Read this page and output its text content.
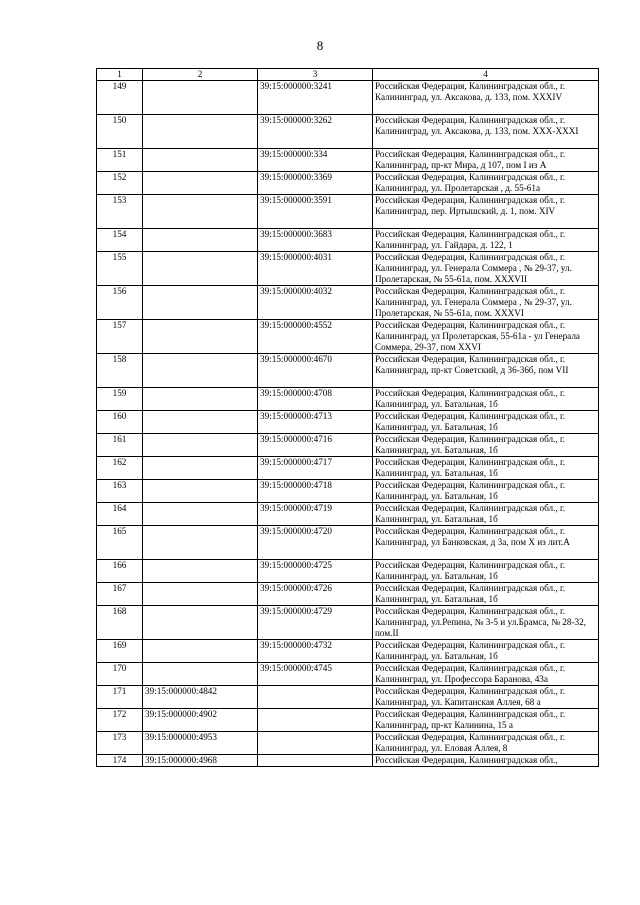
8
1	2	3	4
149		39:15:000000:3241	Российская Федерация, Калининградская обл., г. Калининград, ул. Аксакова, д. 133, пом. XXXIV
150		39:15:000000:3262	Российская Федерация, Калининградская обл., г. Калининград, ул. Аксакова, д. 133, пом. XXX-XXXI
151		39:15:000000:334	Российская Федерация, Калининградская обл., г. Калининград, пр-кт Мира, д 107, пом I из А
152		39:15:000000:3369	Российская Федерация, Калининградская обл., г. Калининград, ул. Пролетарская , д. 55-61а
153		39:15:000000:3591	Российская Федерация, Калининградская обл., г. Калининград, пер. Иртышский, д. 1, пом. XIV
154		39:15:000000:3683	Российская Федерация, Калининградская обл., г. Калининград, ул. Гайдара, д. 122, 1
155		39:15:000000:4031	Российская Федерация, Калининградская обл., г. Калининград, ул. Генерала Соммера , № 29-37, ул. Пролетарская, № 55-61а, пом. XXXVII
156		39:15:000000:4032	Российская Федерация, Калининградская обл., г. Калининград, ул. Генерала Соммера , № 29-37, ул. Пролетарская, № 55-61а, пом. XXXVI
157		39:15:000000:4552	Российская Федерация, Калининградская обл., г. Калининград, ул Пролетарская, 55-61а - ул Генерала Соммера, 29-37, пом XXVI
158		39:15:000000:4670	Российская Федерация, Калининградская обл., г. Калининград, пр-кт Советский, д 36-36б, пом VII
159		39:15:000000:4708	Российская Федерация, Калининградская обл., г. Калининград, ул. Батальная, 1б
160		39:15:000000:4713	Российская Федерация, Калининградская обл., г. Калининград, ул. Батальная, 1б
161		39:15:000000:4716	Российская Федерация, Калининградская обл., г. Калининград, ул. Батальная, 1б
162		39:15:000000:4717	Российская Федерация, Калининградская обл., г. Калининград, ул. Батальная, 1б
163		39:15:000000:4718	Российская Федерация, Калининградская обл., г. Калининград, ул. Батальная, 1б
164		39:15:000000:4719	Российская Федерация, Калининградская обл., г. Калининград, ул. Батальная, 1б
165		39:15:000000:4720	Российская Федерация, Калининградская обл., г. Калининград, ул Банковская, д 3а, пом X из лит.А
166		39:15:000000:4725	Российская Федерация, Калининградская обл., г. Калининград, ул. Батальная, 1б
167		39:15:000000:4726	Российская Федерация, Калининградская обл., г. Калининград, ул. Батальная, 1б
168		39:15:000000:4729	Российская Федерация, Калининградская обл., г. Калининград, ул.Репина, № 3-5 и ул.Брамса, № 28-32, пом.II
169		39:15:000000:4732	Российская Федерация, Калининградская обл., г. Калининград, ул. Батальная, 1б
170		39:15:000000:4745	Российская Федерация, Калининградская обл., г. Калининград, ул. Профессора Баранова, 43а
171	39:15:000000:4842		Российская Федерация, Калининградская обл., г. Калининград, ул. Капитанская Аллея, 68 а
172	39:15:000000:4902		Российская Федерация, Калининградская обл., г. Калининград, пр-кт Калинина, 15 а
173	39:15:000000:4953		Российская Федерация, Калининградская обл., г. Калининград, ул. Еловая Аллея, 8
174	39:15:000000:4968		Российская Федерация, Калининградская обл.,
